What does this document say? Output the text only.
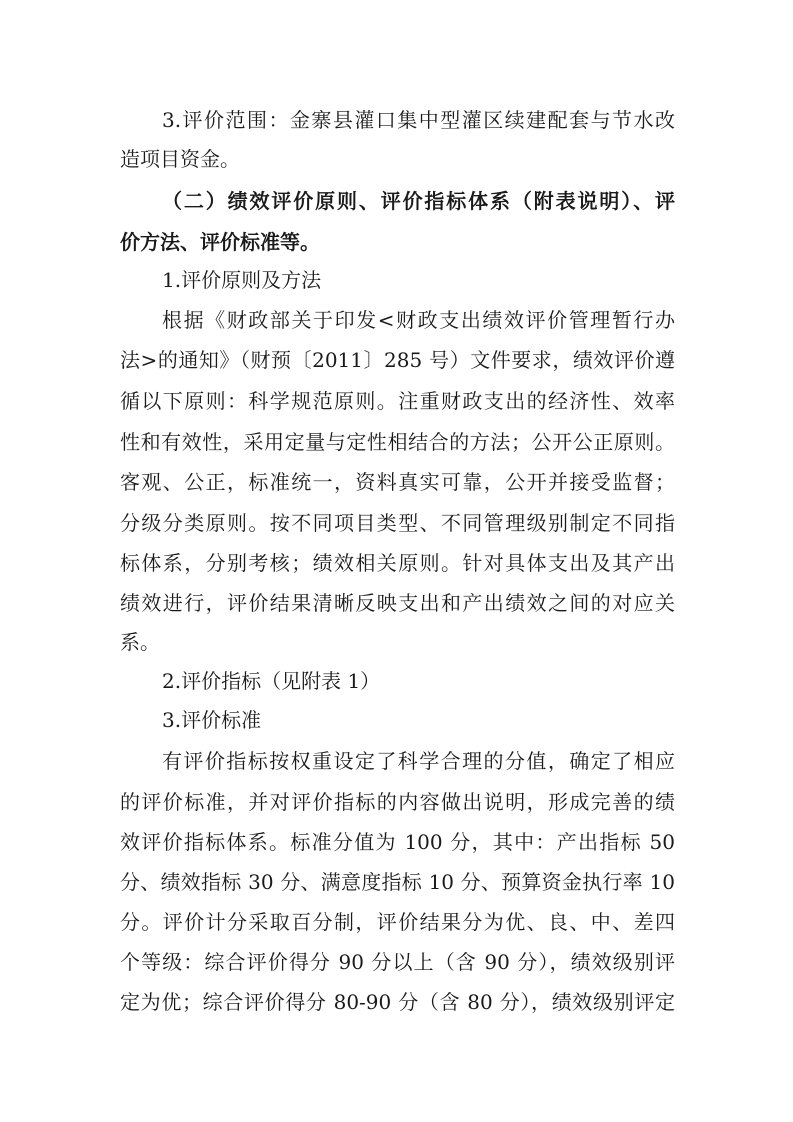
3.评价范围：金寨县灌口集中型灌区续建配套与节水改
造项目资金。
（二）绩效评价原则、评价指标体系（附表说明）、评
价方法、评价标准等。
1.评价原则及方法
根据《财政部关于印发<财政支出绩效评价管理暂行办
法>的通知》（财预〔2011〕285 号）文件要求，绩效评价遵
循以下原则：科学规范原则。注重财政支出的经济性、效率
性和有效性，采用定量与定性相结合的方法；公开公正原则。
客观、公正，标准统一，资料真实可靠，公开并接受监督；
分级分类原则。按不同项目类型、不同管理级别制定不同指
标体系，分别考核；绩效相关原则。针对具体支出及其产出
绩效进行，评价结果清晰反映支出和产出绩效之间的对应关
系。
2.评价指标（见附表 1）
3.评价标准
有评价指标按权重设定了科学合理的分值，确定了相应
的评价标准，并对评价指标的内容做出说明，形成完善的绩
效评价指标体系。标准分值为 100 分，其中：产出指标 50
分、绩效指标 30 分、满意度指标 10 分、预算资金执行率 10
分。评价计分采取百分制，评价结果分为优、良、中、差四
个等级：综合评价得分 90 分以上（含 90 分），绩效级别评
定为优；综合评价得分 80-90 分（含 80 分），绩效级别评定
